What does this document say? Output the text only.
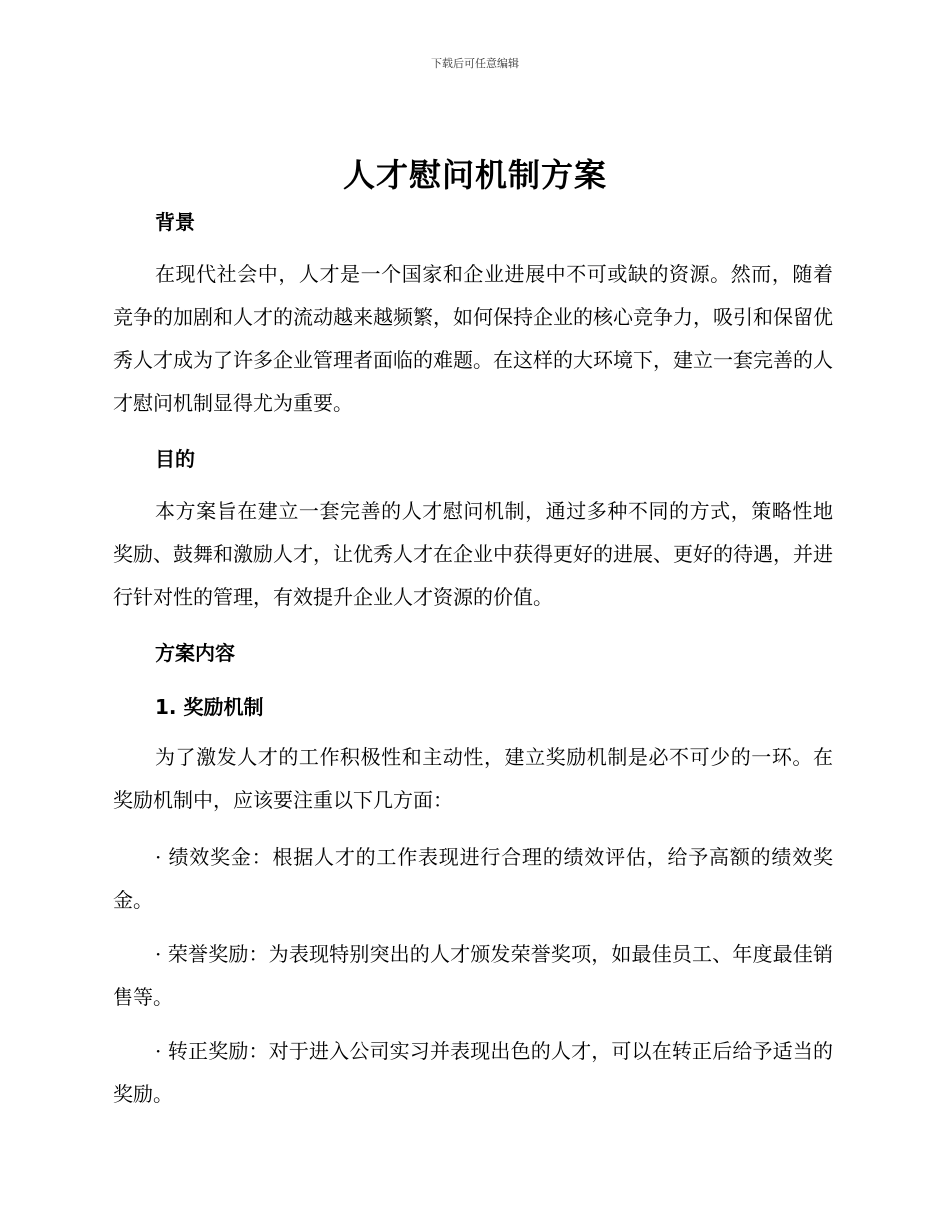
下载后可任意编辑
人才慰问机制方案
背景

在现代社会中，人才是一个国家和企业进展中不可或缺的资源。然而，随着竞争的加剧和人才的流动越来越频繁，如何保持企业的核心竞争力，吸引和保留优秀人才成为了许多企业管理者面临的难题。在这样的大环境下，建立一套完善的人才慰问机制显得尤为重要。

目的

本方案旨在建立一套完善的人才慰问机制，通过多种不同的方式，策略性地奖励、鼓舞和激励人才，让优秀人才在企业中获得更好的进展、更好的待遇，并进行针对性的管理，有效提升企业人才资源的价值。

方案内容
1. 奖励机制

为了激发人才的工作积极性和主动性，建立奖励机制是必不可少的一环。在奖励机制中，应该要注重以下几方面：

· 绩效奖金：根据人才的工作表现进行合理的绩效评估，给予高额的绩效奖金。

· 荣誉奖励：为表现特别突出的人才颁发荣誉奖项，如最佳员工、年度最佳销售等。

· 转正奖励：对于进入公司实习并表现出色的人才，可以在转正后给予适当的奖励。
